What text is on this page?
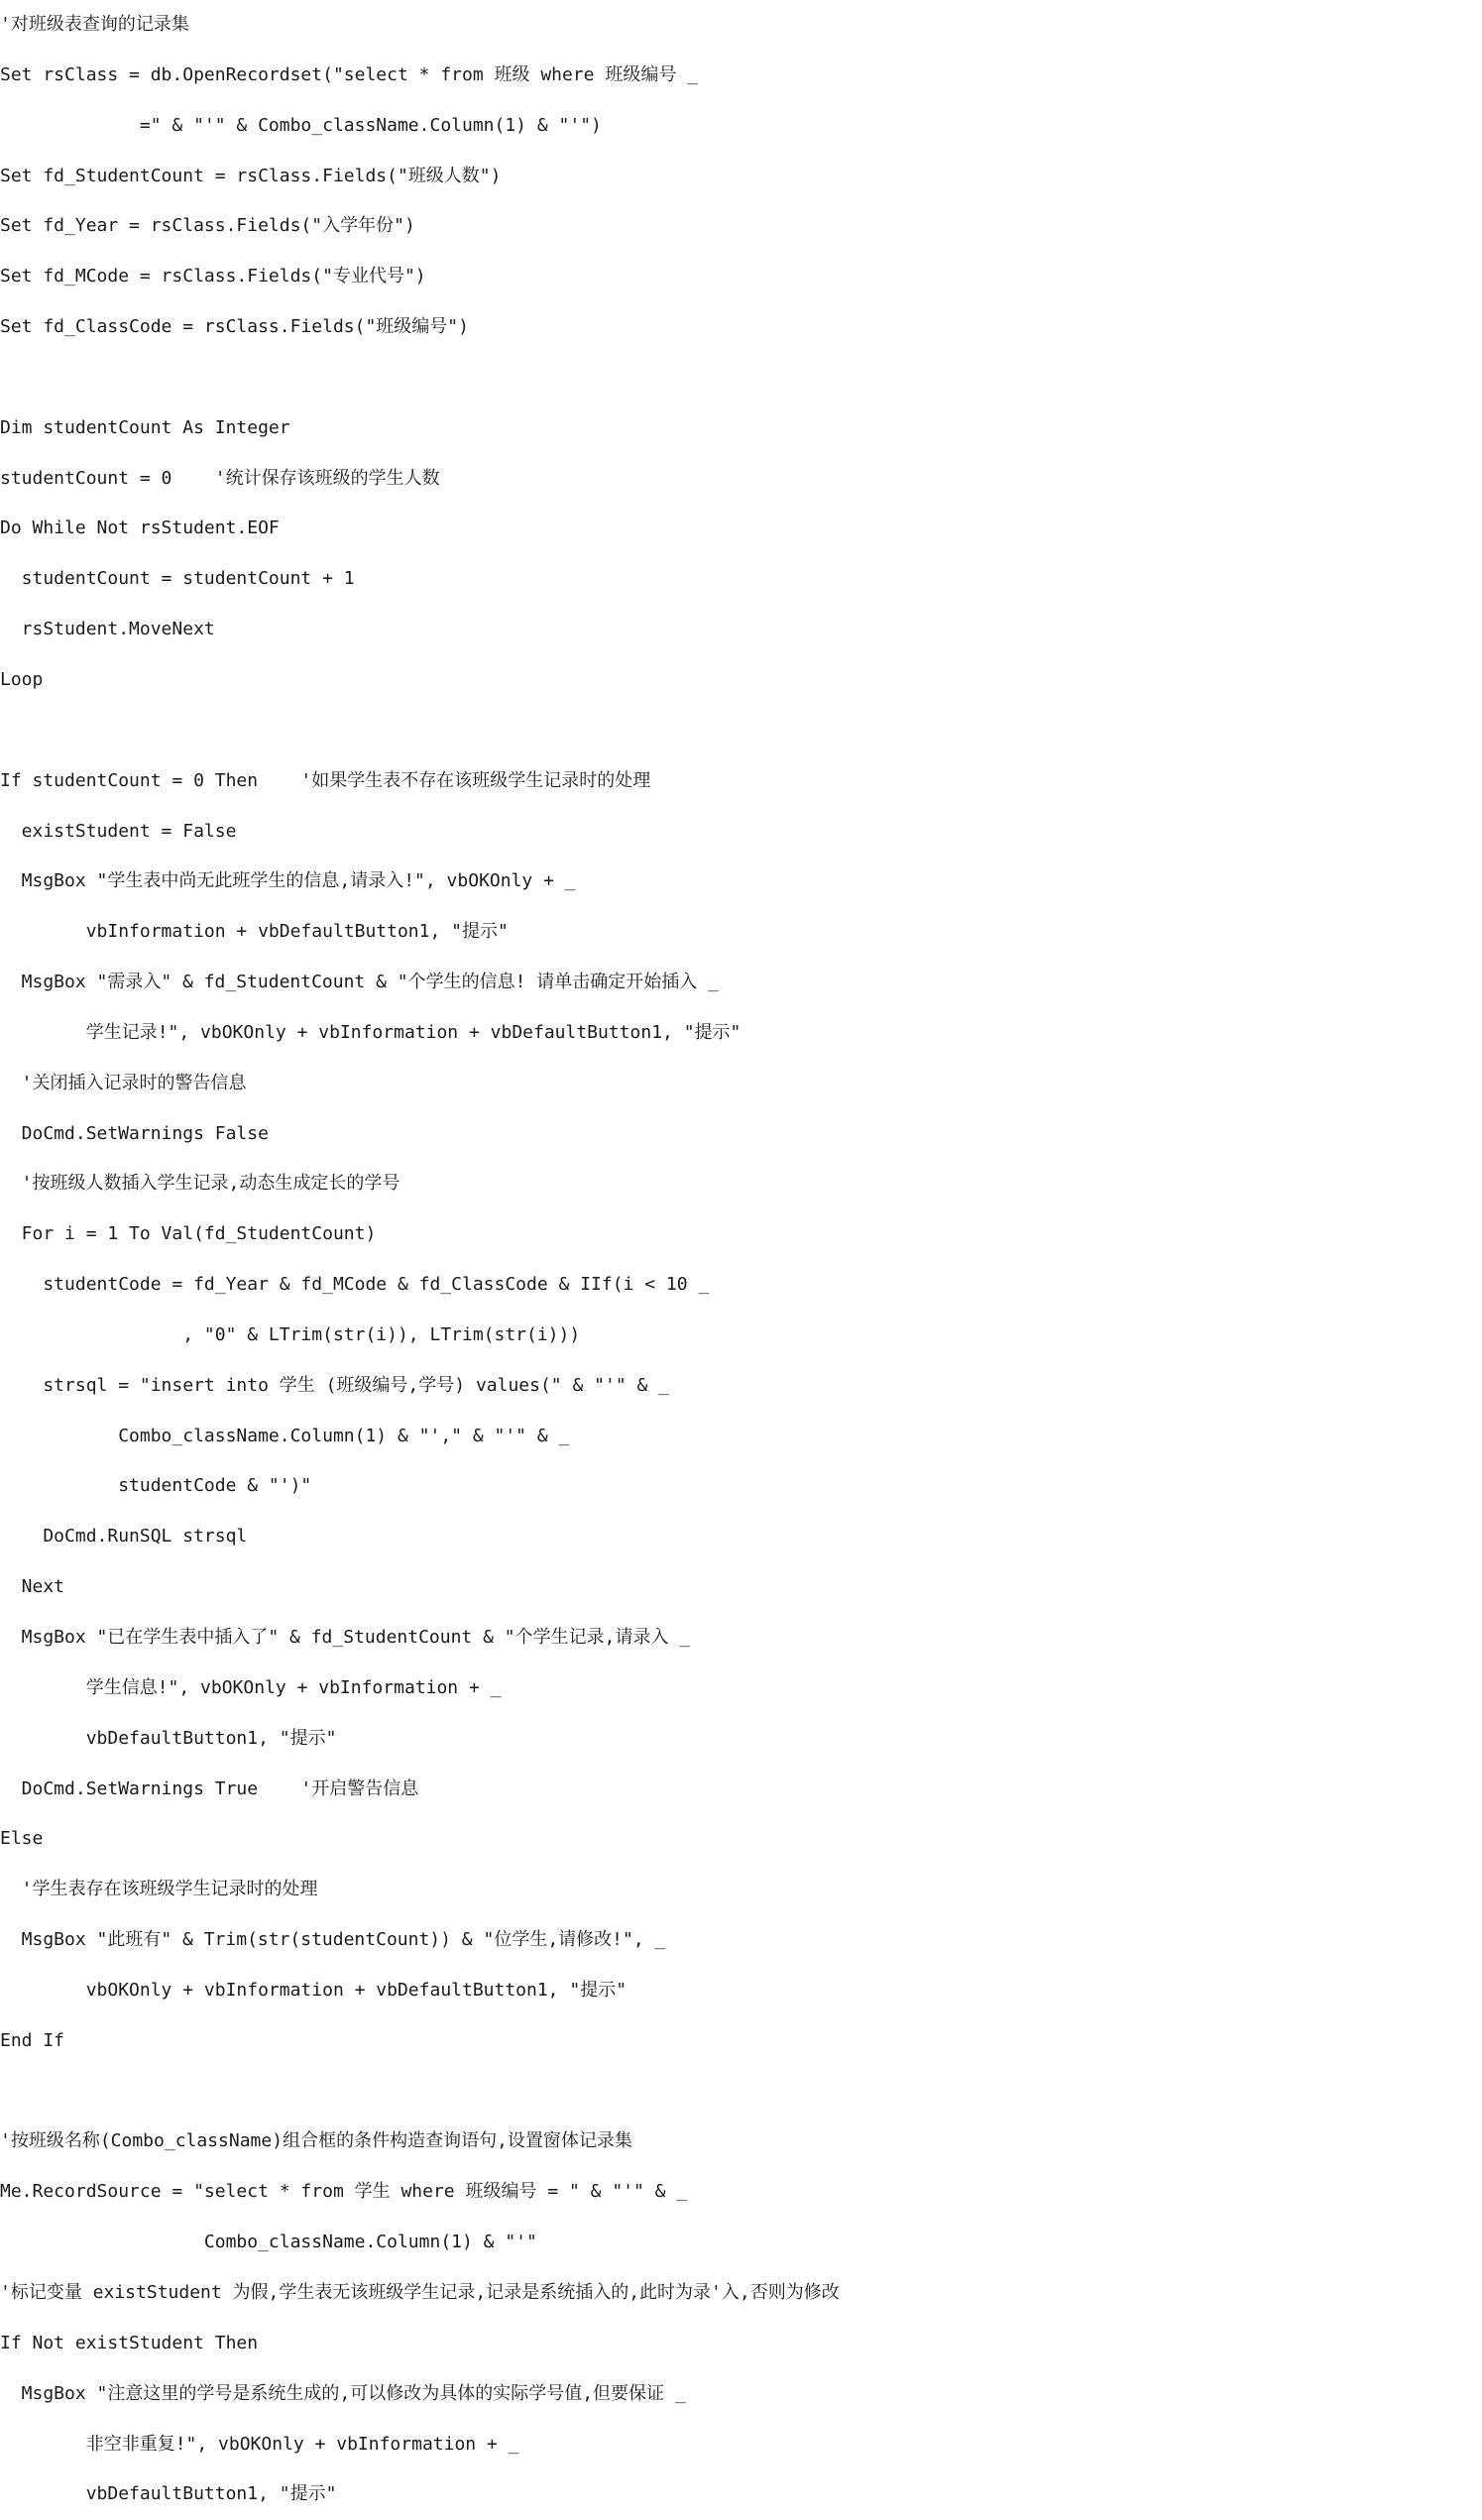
'对班级表查询的记录集
Set rsClass = db.OpenRecordset("select * from 班级 where 班级编号 _
=" & "'" & Combo_className.Column(1) & "'")
Set fd_StudentCount = rsClass.Fields("班级人数")
Set fd_Year = rsClass.Fields("入学年份")
Set fd_MCode = rsClass.Fields("专业代号")
Set fd_ClassCode = rsClass.Fields("班级编号")
Dim studentCount As Integer
studentCount = 0    '统计保存该班级的学生人数
Do While Not rsStudent.EOF
studentCount = studentCount + 1
rsStudent.MoveNext
Loop
If studentCount = 0 Then    '如果学生表不存在该班级学生记录时的处理
existStudent = False
MsgBox "学生表中尚无此班学生的信息,请录入!", vbOKOnly + _
vbInformation + vbDefaultButton1, "提示"
MsgBox "需录入" & fd_StudentCount & "个学生的信息! 请单击确定开始插入 _
学生记录!", vbOKOnly + vbInformation + vbDefaultButton1, "提示"
'关闭插入记录时的警告信息
DoCmd.SetWarnings False
'按班级人数插入学生记录,动态生成定长的学号
For i = 1 To Val(fd_StudentCount)
studentCode = fd_Year & fd_MCode & fd_ClassCode & IIf(i < 10 _
, "0" & LTrim(str(i)), LTrim(str(i)))
strsql = "insert into 学生 (班级编号,学号) values(" & "'" & _
Combo_className.Column(1) & "'," & "'" & _
studentCode & "')"
DoCmd.RunSQL strsql
Next
MsgBox "已在学生表中插入了" & fd_StudentCount & "个学生记录,请录入 _
学生信息!", vbOKOnly + vbInformation + _
vbDefaultButton1, "提示"
DoCmd.SetWarnings True    '开启警告信息
Else
'学生表存在该班级学生记录时的处理
MsgBox "此班有" & Trim(str(studentCount)) & "位学生,请修改!", _
vbOKOnly + vbInformation + vbDefaultButton1, "提示"
End If
'按班级名称(Combo_className)组合框的条件构造查询语句,设置窗体记录集
Me.RecordSource = "select * from 学生 where 班级编号 = " & "'" & _
Combo_className.Column(1) & "'"
'标记变量 existStudent 为假,学生表无该班级学生记录,记录是系统插入的,此时为录'入,否则为修改
If Not existStudent Then
MsgBox "注意这里的学号是系统生成的,可以修改为具体的实际学号值,但要保证 _
非空非重复!", vbOKOnly + vbInformation + _
vbDefaultButton1, "提示"
